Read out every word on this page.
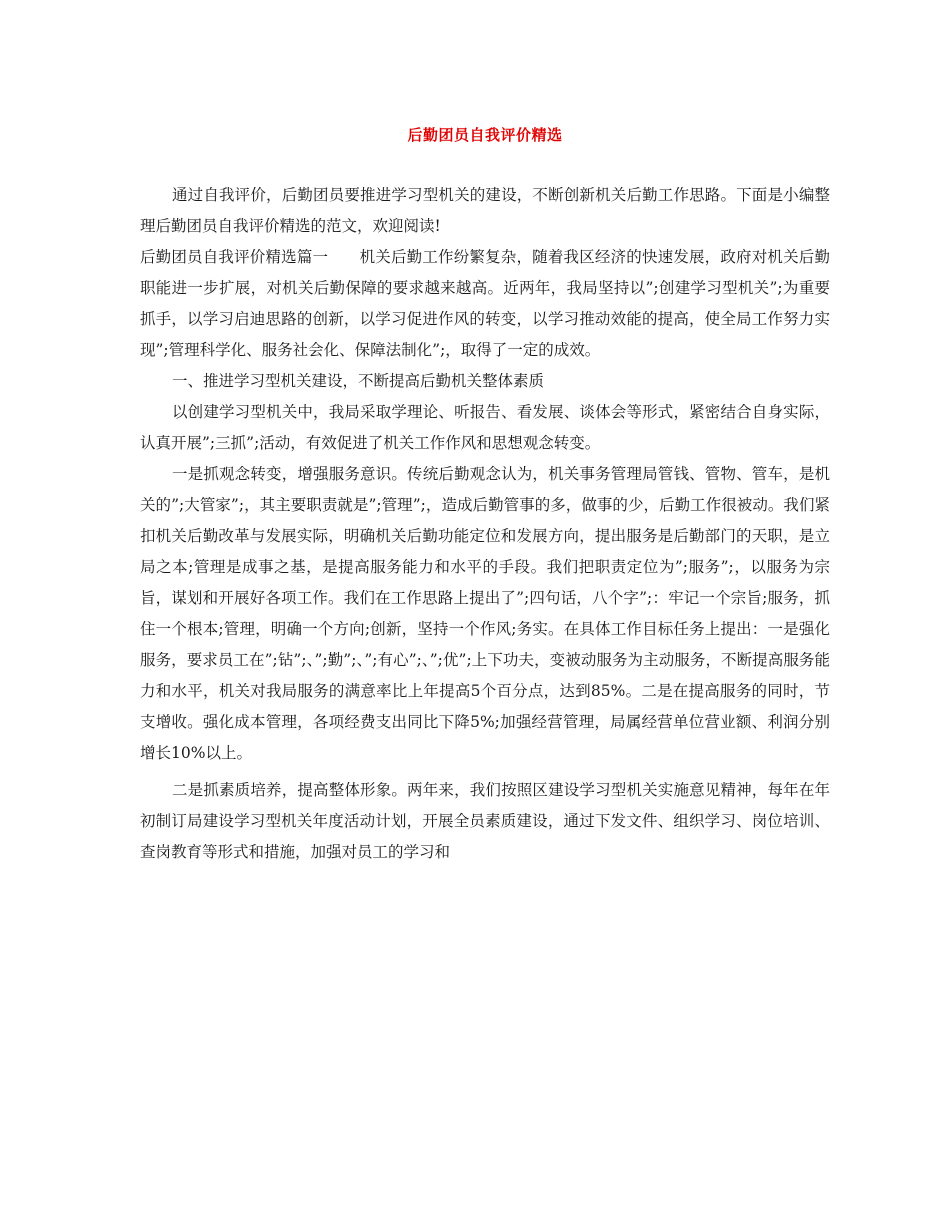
后勤团员自我评价精选

通过自我评价，后勤团员要推进学习型机关的建设，不断创新机关后勤工作思路。下面是小编整理后勤团员自我评价精选的范文，欢迎阅读!

后勤团员自我评价精选篇一　　机关后勤工作纷繁复杂，随着我区经济的快速发展，政府对机关后勤职能进一步扩展，对机关后勤保障的要求越来越高。近两年，我局坚持以”;创建学习型机关”;为重要抓手，以学习启迪思路的创新，以学习促进作风的转变，以学习推动效能的提高，使全局工作努力实现”;管理科学化、服务社会化、保障法制化”;，取得了一定的成效。

一、推进学习型机关建设，不断提高后勤机关整体素质

以创建学习型机关中，我局采取学理论、听报告、看发展、谈体会等形式，紧密结合自身实际，认真开展”;三抓”;活动，有效促进了机关工作作风和思想观念转变。

一是抓观念转变，增强服务意识。传统后勤观念认为，机关事务管理局管钱、管物、管车，是机关的”;大管家”;，其主要职责就是”;管理”;，造成后勤管事的多，做事的少，后勤工作很被动。我们紧扣机关后勤改革与发展实际，明确机关后勤功能定位和发展方向，提出服务是后勤部门的天职，是立局之本;管理是成事之基，是提高服务能力和水平的手段。我们把职责定位为”;服务”;，以服务为宗旨，谋划和开展好各项工作。我们在工作思路上提出了”;四句话，八个字”;：牢记一个宗旨;服务，抓住一个根本;管理，明确一个方向;创新，坚持一个作风;务实。在具体工作目标任务上提出：一是强化服务，要求员工在”;钻”;、”;勤”;、”;有心”;、”;优”;上下功夫，变被动服务为主动服务，不断提高服务能力和水平，机关对我局服务的满意率比上年提高5个百分点，达到85%。二是在提高服务的同时，节支增收。强化成本管理，各项经费支出同比下降5%;加强经营管理，局属经营单位营业额、利润分别增长10%以上。

二是抓素质培养，提高整体形象。两年来，我们按照区建设学习型机关实施意见精神，每年在年初制订局建设学习型机关年度活动计划，开展全员素质建设，通过下发文件、组织学习、岗位培训、查岗教育等形式和措施，加强对员工的学习和
